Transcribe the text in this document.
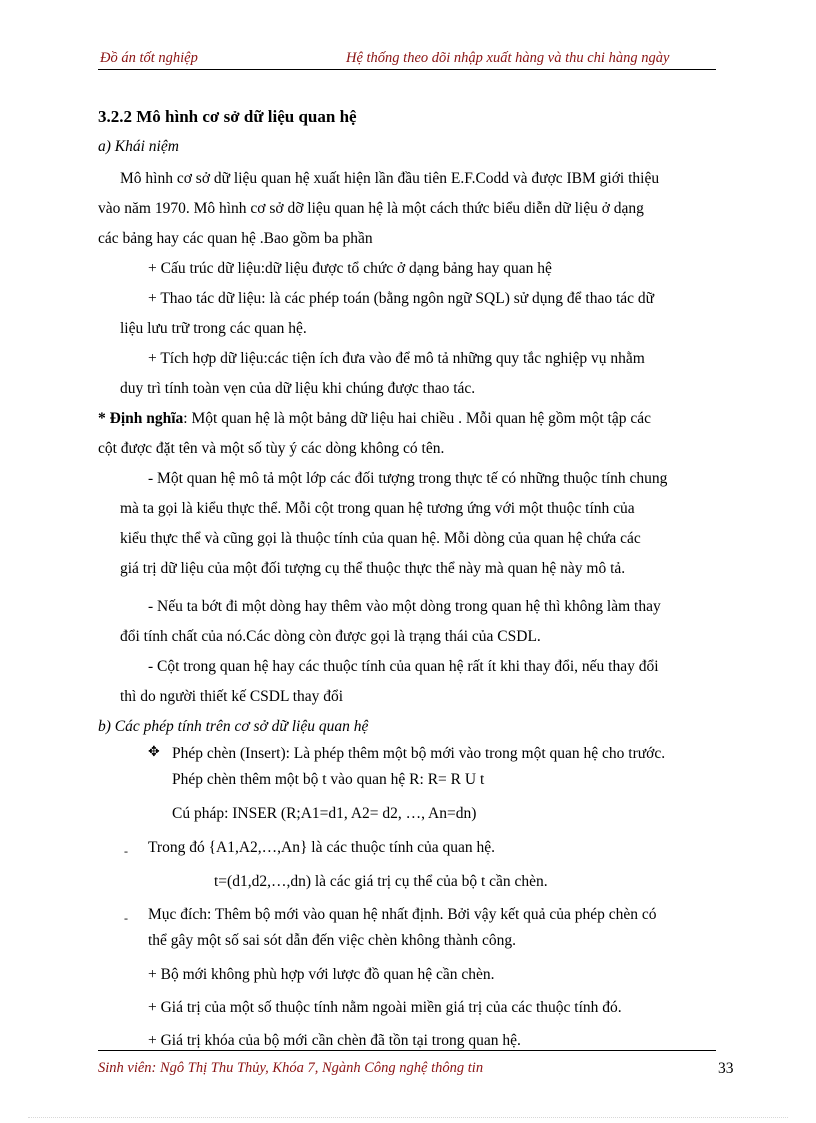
Đồ án tốt nghiệp	Hệ thống theo dõi nhập xuất hàng và thu chi hàng ngày
3.2.2 Mô hình cơ sở dữ liệu quan hệ
a) Khái niệm
Mô hình cơ sở dữ liệu quan hệ xuất hiện lần đầu tiên E.F.Codd và được IBM giới thiệu
vào năm 1970. Mô hình cơ sở dỡ liệu quan hệ là một cách thức biểu diễn dữ liệu ở dạng
các bảng hay các quan hệ .Bao gồm ba phần
+ Cấu trúc dữ liệu:dữ liệu được tổ chức ở dạng bảng hay quan hệ
+ Thao tác dữ liệu: là các phép toán (bằng ngôn ngữ SQL) sử dụng để thao tác dữ
liệu lưu trữ trong các quan hệ.
+ Tích hợp dữ liệu:các tiện ích đưa vào để mô tả những quy tắc nghiệp vụ nhằm
duy trì tính toàn vẹn của dữ liệu khi chúng được thao tác.
* Định nghĩa: Một quan hệ là một bảng dữ liệu hai chiều . Mỗi quan hệ gồm một tập các
cột được đặt tên và một số tùy ý các dòng không có tên.
- Một quan hệ mô tả một lớp các đối tượng trong thực tế có những thuộc tính chung
mà ta gọi là kiểu thực thể. Mỗi cột trong quan hệ tương ứng với một thuộc tính của
kiểu thực thể và cũng gọi là thuộc tính của quan hệ. Mỗi dòng của quan hệ chứa các
giá trị dữ liệu của một đối tượng cụ thể thuộc thực thể này mà quan hệ này mô tả.
- Nếu ta bớt đi một dòng hay thêm vào một dòng trong quan hệ thì không làm thay
đổi tính chất của nó.Các dòng còn được gọi là trạng thái của CSDL.
- Cột trong quan hệ hay các thuộc tính của quan hệ rất ít khi thay đổi, nếu thay đổi
thì do người thiết kế CSDL thay đổi
b) Các phép tính trên cơ sở dữ liệu quan hệ
✥ Phép chèn (Insert): Là phép thêm một bộ mới vào trong một quan hệ cho trước.
Phép chèn thêm một bộ t vào quan hệ R: R= R U t
Cú pháp: INSER (R;A1=d1, A2= d2, …, An=dn)
- Trong đó {A1,A2,…,An} là các thuộc tính của quan hệ.
t=(d1,d2,…,dn) là các giá trị cụ thể của bộ t cần chèn.
- Mục đích: Thêm bộ mới vào quan hệ nhất định. Bởi vậy kết quả của phép chèn có
thể gây một số sai sót dẫn đến việc chèn không thành công.
+ Bộ mới không phù hợp với lược đồ quan hệ cần chèn.
+ Giá trị của một số thuộc tính nằm ngoài miền giá trị của các thuộc tính đó.
+ Giá trị khóa của bộ mới cần chèn đã tồn tại trong quan hệ.
Sinh viên: Ngô Thị Thu Thủy, Khóa 7, Ngành Công nghệ thông tin	33
